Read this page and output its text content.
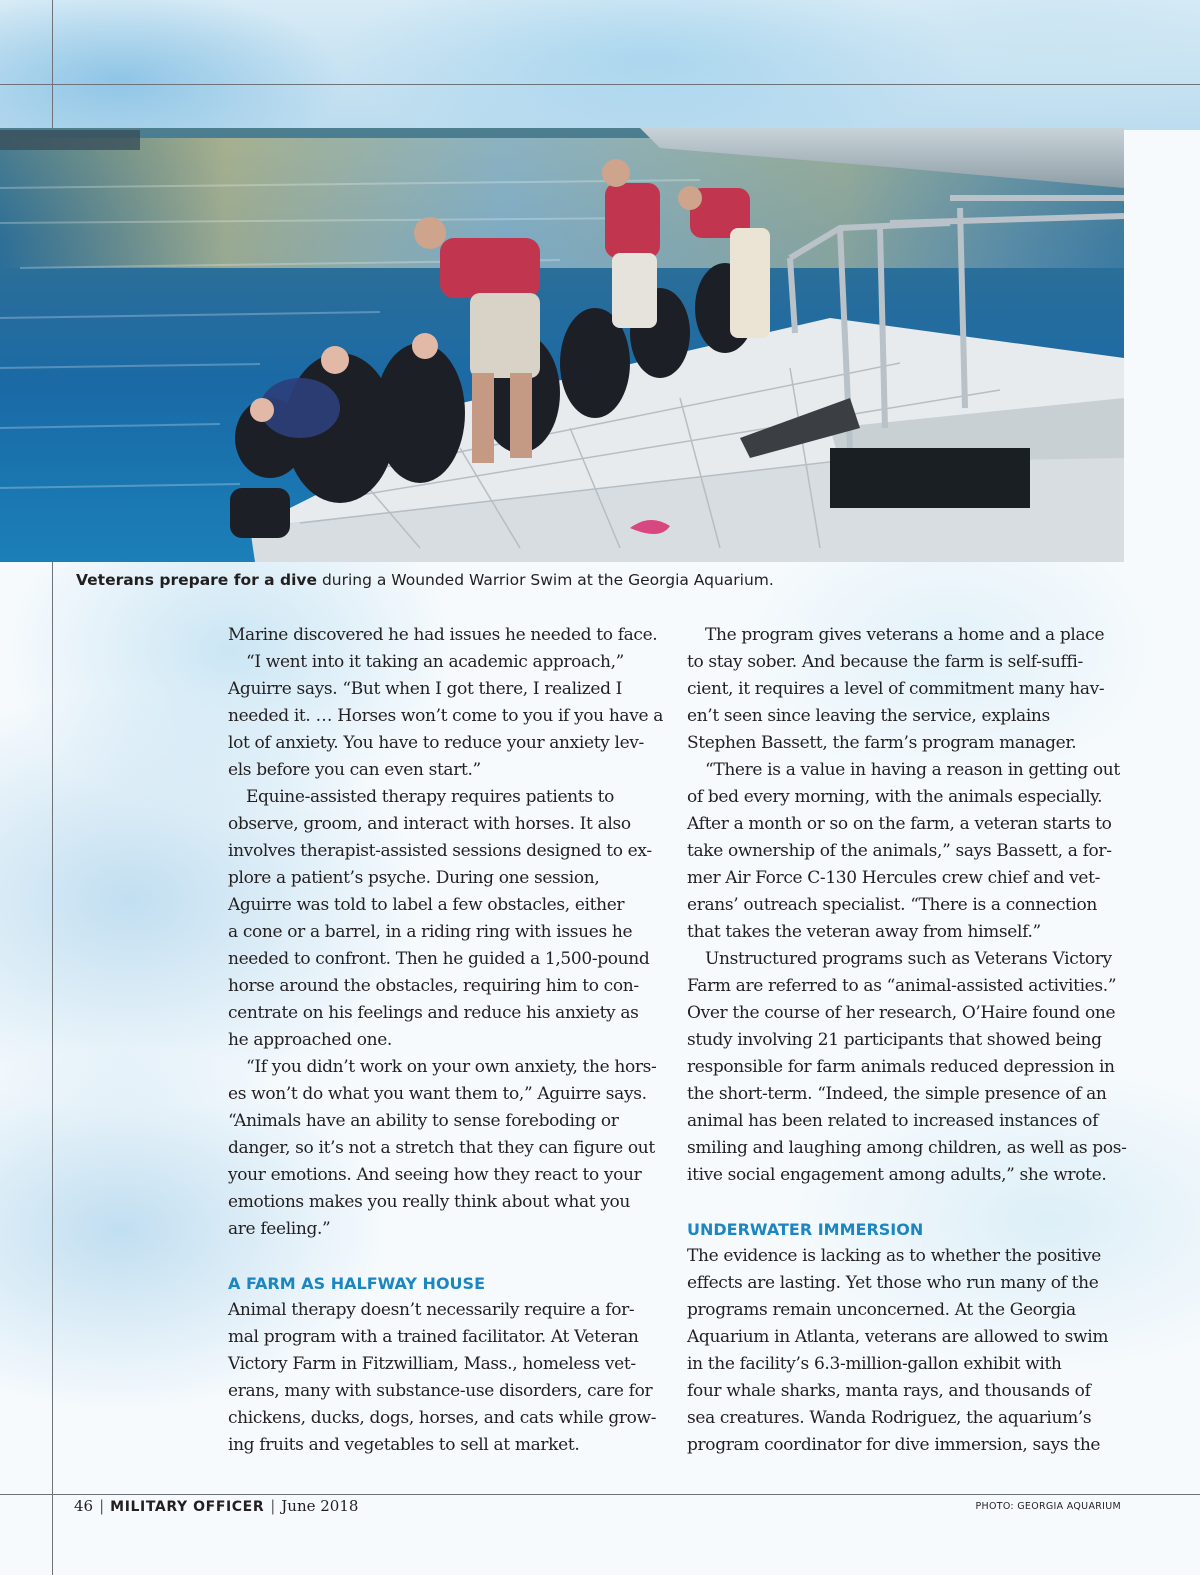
Veterans prepare for a dive during a Wounded Warrior Swim at the Georgia Aquarium.

Marine discovered he had issues he needed to face.

“I went into it taking an academic approach,”
Aguirre says. “But when I got there, I realized I
needed it. … Horses won’t come to you if you have a
lot of anxiety. You have to reduce your anxiety lev-
els before you can even start.”

Equine-assisted therapy requires patients to
observe, groom, and interact with horses. It also
involves therapist-assisted sessions designed to ex-
plore a patient’s psyche. During one session,
Aguirre was told to label a few obstacles, either
a cone or a barrel, in a riding ring with issues he
needed to confront. Then he guided a 1,500-pound
horse around the obstacles, requiring him to con-
centrate on his feelings and reduce his anxiety as
he approached one.

“If you didn’t work on your own anxiety, the hors-
es won’t do what you want them to,” Aguirre says.
“Animals have an ability to sense foreboding or
danger, so it’s not a stretch that they can figure out
your emotions. And seeing how they react to your
emotions makes you really think about what you
are feeling.”

A FARM AS HALFWAY HOUSE

Animal therapy doesn’t necessarily require a for-
mal program with a trained facilitator. At Veteran
Victory Farm in Fitzwilliam, Mass., homeless vet-
erans, many with substance-use disorders, care for
chickens, ducks, dogs, horses, and cats while grow-
ing fruits and vegetables to sell at market.

The program gives veterans a home and a place
to stay sober. And because the farm is self-suffi-
cient, it requires a level of commitment many hav-
en’t seen since leaving the service, explains
Stephen Bassett, the farm’s program manager.

“There is a value in having a reason in getting out
of bed every morning, with the animals especially.
After a month or so on the farm, a veteran starts to
take ownership of the animals,” says Bassett, a for-
mer Air Force C-130 Hercules crew chief and vet-
erans’ outreach specialist. “There is a connection
that takes the veteran away from himself.”

Unstructured programs such as Veterans Victory
Farm are referred to as “animal-assisted activities.”
Over the course of her research, O’Haire found one
study involving 21 participants that showed being
responsible for farm animals reduced depression in
the short-term. “Indeed, the simple presence of an
animal has been related to increased instances of
smiling and laughing among children, as well as pos-
itive social engagement among adults,” she wrote.

UNDERWATER IMMERSION

The evidence is lacking as to whether the positive
effects are lasting. Yet those who run many of the
programs remain unconcerned. At the Georgia
Aquarium in Atlanta, veterans are allowed to swim
in the facility’s 6.3-million-gallon exhibit with
four whale sharks, manta rays, and thousands of
sea creatures. Wanda Rodriguez, the aquarium’s
program coordinator for dive immersion, says the

46 | MILITARY OFFICER | June 2018	PHOTO: GEORGIA AQUARIUM
